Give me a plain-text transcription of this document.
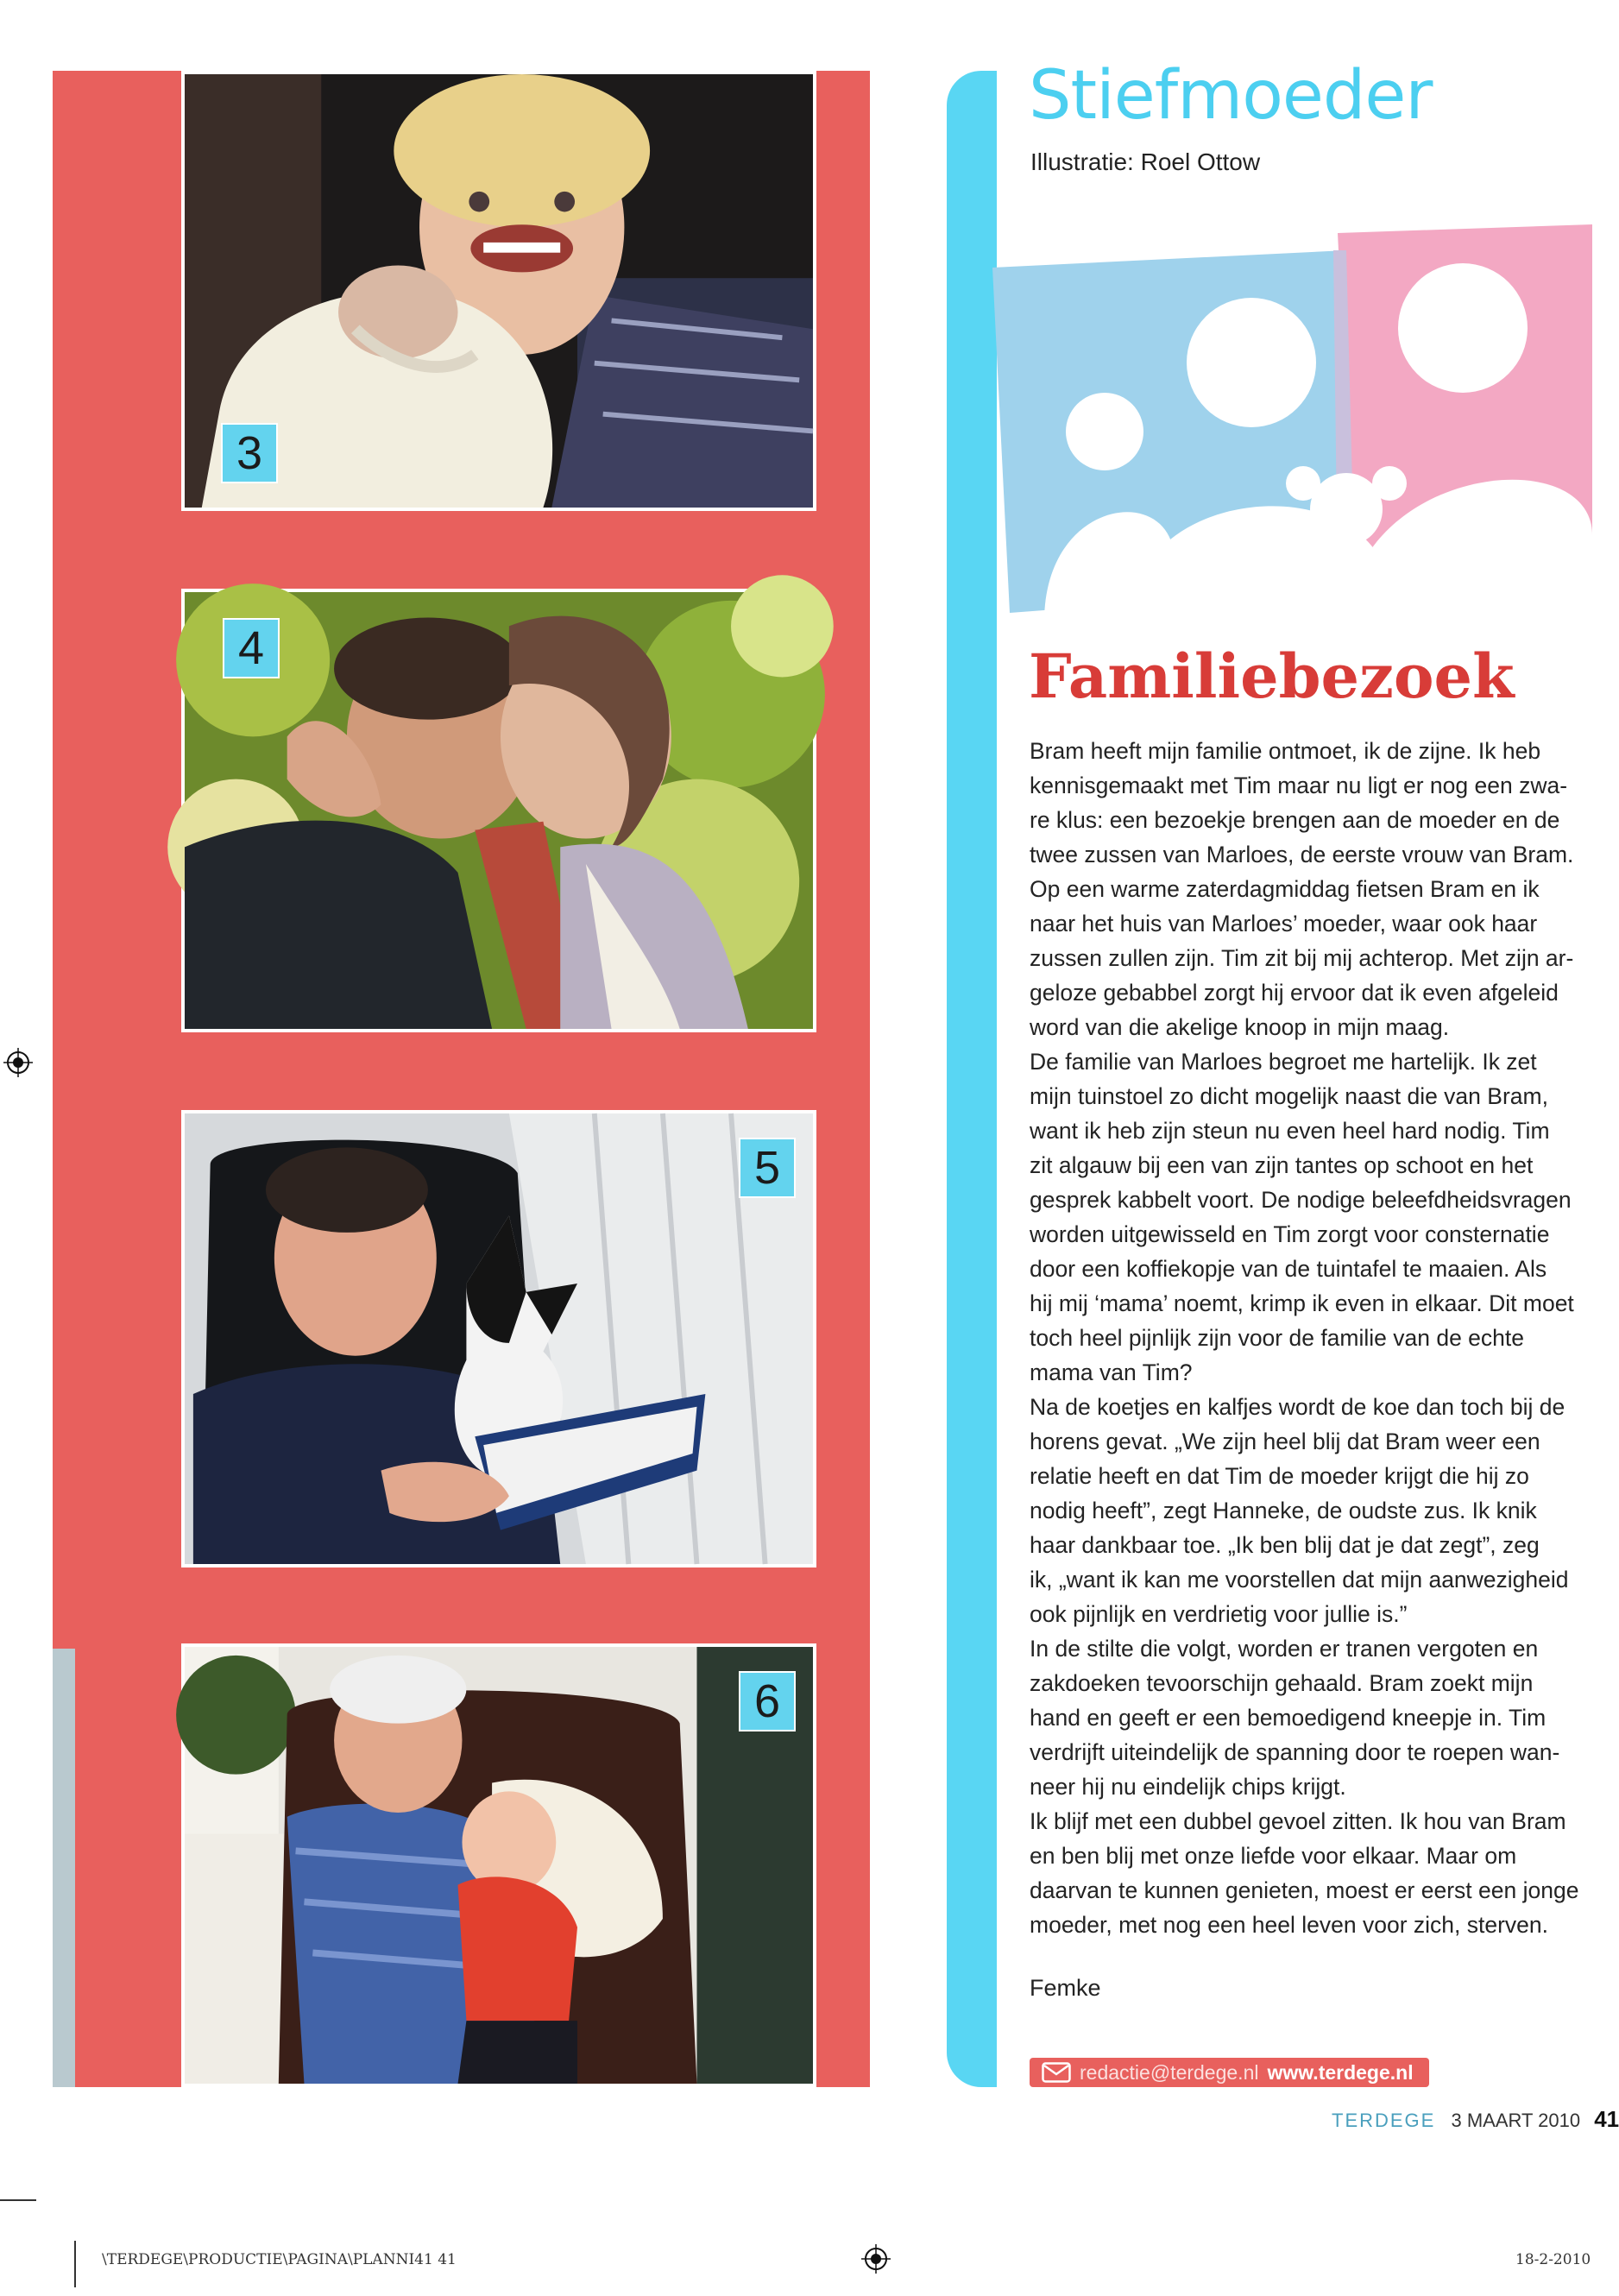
3
4
5
6
Stiefmoeder
Illustratie: Roel Ottow
Familiebezoek

Bram heeft mijn familie ontmoet, ik de zijne. Ik heb

kennisgemaakt met Tim maar nu ligt er nog een zwa-

re klus: een bezoekje brengen aan de moeder en de

twee zussen van Marloes, de eerste vrouw van Bram.

Op een warme zaterdagmiddag fietsen Bram en ik

naar het huis van Marloes’ moeder, waar ook haar

zussen zullen zijn. Tim zit bij mij achterop. Met zijn ar-

geloze gebabbel zorgt hij ervoor dat ik even afgeleid

word van die akelige knoop in mijn maag.

De familie van Marloes begroet me hartelijk. Ik zet

mijn tuinstoel zo dicht mogelijk naast die van Bram,

want ik heb zijn steun nu even heel hard nodig. Tim

zit algauw bij een van zijn tantes op schoot en het

gesprek kabbelt voort. De nodige beleefdheidsvragen

worden uitgewisseld en Tim zorgt voor consternatie

door een koffiekopje van de tuintafel te maaien. Als

hij mij ‘mama’ noemt, krimp ik even in elkaar. Dit moet

toch heel pijnlijk zijn voor de familie van de echte

mama van Tim?

Na de koetjes en kalfjes wordt de koe dan toch bij de

horens gevat. „We zijn heel blij dat Bram weer een

relatie heeft en dat Tim de moeder krijgt die hij zo

nodig heeft”, zegt Hanneke, de oudste zus. Ik knik

haar dankbaar toe. „Ik ben blij dat je dat zegt”, zeg

ik, „want ik kan me voorstellen dat mijn aanwezigheid

ook pijnlijk en verdrietig voor jullie is.”

In de stilte die volgt, worden er tranen vergoten en

zakdoeken tevoorschijn gehaald. Bram zoekt mijn

hand en geeft er een bemoedigend kneepje in. Tim

verdrijft uiteindelijk de spanning door te roepen wan-

neer hij nu eindelijk chips krijgt.

Ik blijf met een dubbel gevoel zitten. Ik hou van Bram

en ben blij met onze liefde voor elkaar. Maar om

daarvan te kunnen genieten, moest er eerst een jonge

moeder, met nog een heel leven voor zich, sterven.

Femke
redactie@terdege.nl www.terdege.nl
TERDEGE 3 MAART 2010 41
\TERDEGE\PRODUCTIE\PAGINA\PLANNI41 41	18-2-2010
